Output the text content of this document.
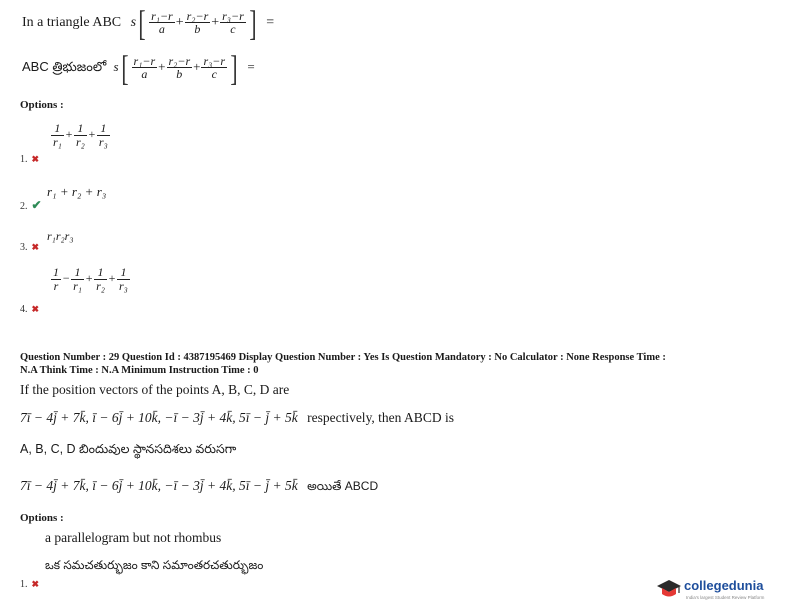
In a triangle ABC $s[ \frac{\text{r₁−r}}{a} + \frac{\text{r₂−r}}{b} + \frac{\text{r₃−r}}{c}$ ] =
ABC త్రిభుజంలో $s[ \frac{\text{r₁−r}}{a} + \frac{\text{r₂−r}}{b} + \frac{\text{r₃−r}}{c}$ ] =
Options :
1. ✖
$\frac{1}{\text{r₁}} + \frac{1}{\text{r₂}} + \frac{1}{\text{r₃}}$
2. ✔
r₁ + r₂ + r₃
3. ✖
r₁r₂r₃
4. ✖
$\frac{1}{r} - \frac{1}{\text{r₁}} + \frac{1}{\text{r₂}} + \frac{1}{\text{r₃}}$
Question Number : 29 Question Id : 4387195469 Display Question Number : Yes Is Question Mandatory : No Calculator : None Response Time :
N.A Think Time : N.A Minimum Instruction Time : 0
If the position vectors of the points A, B, C, D are
7ī − 4j̄ + 7k̄, ī − 6j̄ + 10k̄, −ī − 3j̄ + 4k̄, 5ī − j̄ + 5k̄ respectively, then ABCD is
A, B, C, D బిందువుల స్థానసదిశలు వరుసగా
7ī − 4j̄ + 7k̄, ī − 6j̄ + 10k̄, −ī − 3j̄ + 4k̄, 5ī − j̄ + 5k̄ అయితే ABCD
Options :
a parallelogram but not rhombus
ఒక సమచతుర్భుజం కాని సమాంతరచతుర్భుజం
1. ✖	collegedunia
India's largest Student Review Platform
